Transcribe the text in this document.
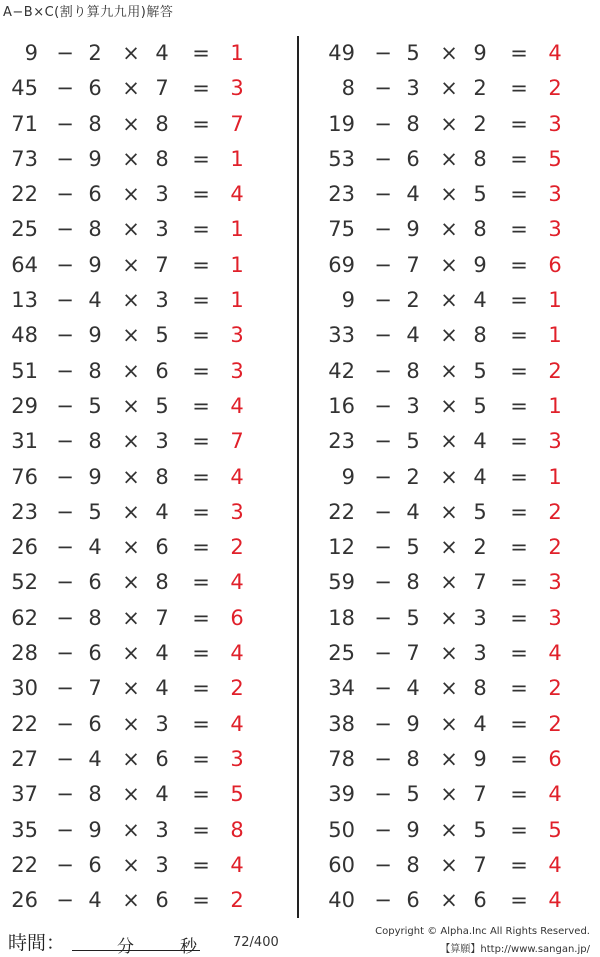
A−B×C(割り算九九用)解答
9 − 2 × 4 = 1
45 − 6 × 7 = 3
71 − 8 × 8 = 7
73 − 9 × 8 = 1
22 − 6 × 3 = 4
25 − 8 × 3 = 1
64 − 9 × 7 = 1
13 − 4 × 3 = 1
48 − 9 × 5 = 3
51 − 8 × 6 = 3
29 − 5 × 5 = 4
31 − 8 × 3 = 7
76 − 9 × 8 = 4
23 − 5 × 4 = 3
26 − 4 × 6 = 2
52 − 6 × 8 = 4
62 − 8 × 7 = 6
28 − 6 × 4 = 4
30 − 7 × 4 = 2
22 − 6 × 3 = 4
27 − 4 × 6 = 3
37 − 8 × 4 = 5
35 − 9 × 3 = 8
22 − 6 × 3 = 4
26 − 4 × 6 = 2
49 − 5 × 9 = 4
8 − 3 × 2 = 2
19 − 8 × 2 = 3
53 − 6 × 8 = 5
23 − 4 × 5 = 3
75 − 9 × 8 = 3
69 − 7 × 9 = 6
9 − 2 × 4 = 1
33 − 4 × 8 = 1
42 − 8 × 5 = 2
16 − 3 × 5 = 1
23 − 5 × 4 = 3
9 − 2 × 4 = 1
22 − 4 × 5 = 2
12 − 5 × 2 = 2
59 − 8 × 7 = 3
18 − 5 × 3 = 3
25 − 7 × 3 = 4
34 − 4 × 8 = 2
38 − 9 × 4 = 2
78 − 8 × 9 = 6
39 − 5 × 7 = 4
50 − 9 × 5 = 5
60 − 8 × 7 = 4
40 − 6 × 6 = 4
時間：	分	秒	72/400
Copyright © Alpha.Inc All Rights Reserved.
【算願】http://www.sangan.jp/
